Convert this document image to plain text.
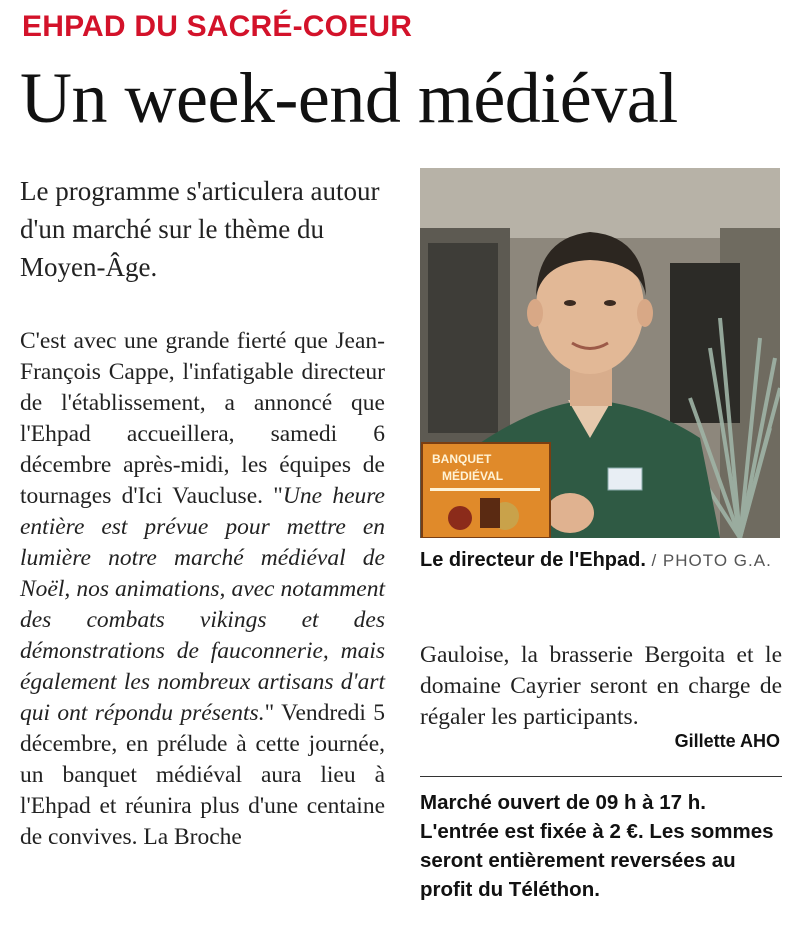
EHPAD DU SACRÉ-COEUR
Un week-end médiéval
Le programme s'articulera autour d'un marché sur le thème du Moyen-Âge.
C'est avec une grande fierté que Jean-François Cappe, l'infatigable directeur de l'établissement, a annoncé que l'Ehpad accueillera, samedi 6 décembre après-midi, les équipes de tournages d'Ici Vaucluse. "Une heure entière est prévue pour mettre en lumière notre marché médiéval de Noël, nos animations, avec notamment des combats vikings et des démonstrations de fauconnerie, mais également les nombreux artisans d'art qui ont répondu présents." Vendredi 5 décembre, en prélude à cette journée, un banquet médiéval aura lieu à l'Ehpad et réunira plus d'une centaine de convives. La Broche
BANQUET
MÉDIÉVAL
Le directeur de l'Ehpad. / PHOTO G.A.
Gauloise, la brasserie Bergoita et le domaine Cayrier seront en charge de régaler les participants.
Gillette AHO
Marché ouvert de 09 h à 17 h. L'entrée est fixée à 2 €. Les sommes seront entièrement reversées au profit du Téléthon.
